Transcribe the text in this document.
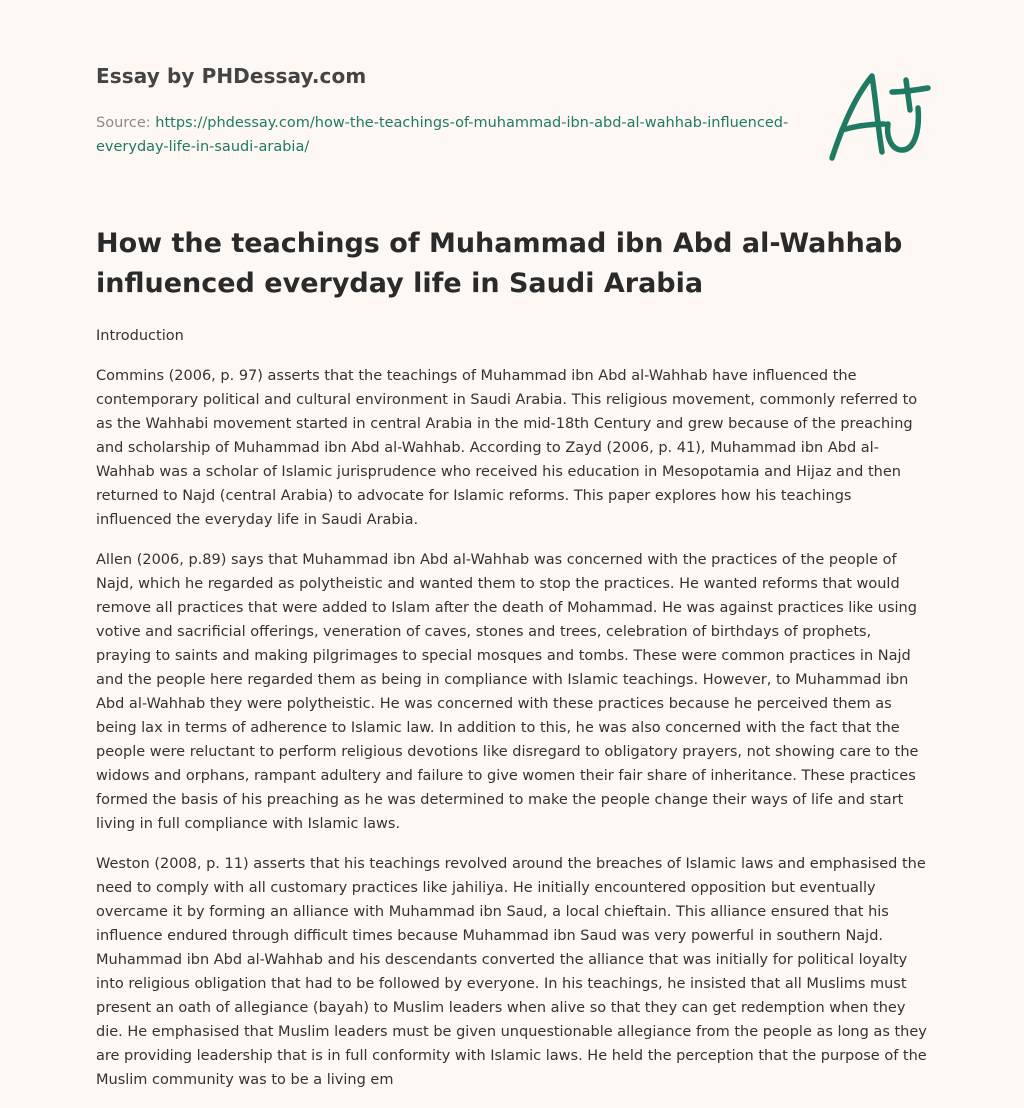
Essay by PHDessay.com
Source: https://phdessay.com/how-the-teachings-of-muhammad-ibn-abd-al-wahhab-influenced-everyday-life-in-saudi-arabia/
How the teachings of Muhammad ibn Abd al-Wahhab influenced everyday life in Saudi Arabia

Introduction

Commins (2006, p. 97) asserts that the teachings of Muhammad ibn Abd al-Wahhab have influenced the contemporary political and cultural environment in Saudi Arabia. This religious movement, commonly referred to as the Wahhabi movement started in central Arabia in the mid-18th Century and grew because of the preaching and scholarship of Muhammad ibn Abd al-Wahhab. According to Zayd (2006, p. 41), Muhammad ibn Abd al-Wahhab was a scholar of Islamic jurisprudence who received his education in Mesopotamia and Hijaz and then returned to Najd (central Arabia) to advocate for Islamic reforms. This paper explores how his teachings influenced the everyday life in Saudi Arabia.

Allen (2006, p.89) says that Muhammad ibn Abd al-Wahhab was concerned with the practices of the people of Najd, which he regarded as polytheistic and wanted them to stop the practices. He wanted reforms that would remove all practices that were added to Islam after the death of Mohammad. He was against practices like using votive and sacrificial offerings, veneration of caves, stones and trees, celebration of birthdays of prophets, praying to saints and making pilgrimages to special mosques and tombs. These were common practices in Najd and the people here regarded them as being in compliance with Islamic teachings. However, to Muhammad ibn Abd al-Wahhab they were polytheistic. He was concerned with these practices because he perceived them as being lax in terms of adherence to Islamic law. In addition to this, he was also concerned with the fact that the people were reluctant to perform religious devotions like disregard to obligatory prayers, not showing care to the widows and orphans, rampant adultery and failure to give women their fair share of inheritance. These practices formed the basis of his preaching as he was determined to make the people change their ways of life and start living in full compliance with Islamic laws.

Weston (2008, p. 11) asserts that his teachings revolved around the breaches of Islamic laws and emphasised the need to comply with all customary practices like jahiliya. He initially encountered opposition but eventually overcame it by forming an alliance with Muhammad ibn Saud, a local chieftain. This alliance ensured that his influence endured through difficult times because Muhammad ibn Saud was very powerful in southern Najd. Muhammad ibn Abd al-Wahhab and his descendants converted the alliance that was initially for political loyalty into religious obligation that had to be followed by everyone. In his teachings, he insisted that all Muslims must present an oath of allegiance (bayah) to Muslim leaders when alive so that they can get redemption when they die. He emphasised that Muslim leaders must be given unquestionable allegiance from the people as long as they are providing leadership that is in full conformity with Islamic laws. He held the perception that the purpose of the Muslim community was to be a living em
